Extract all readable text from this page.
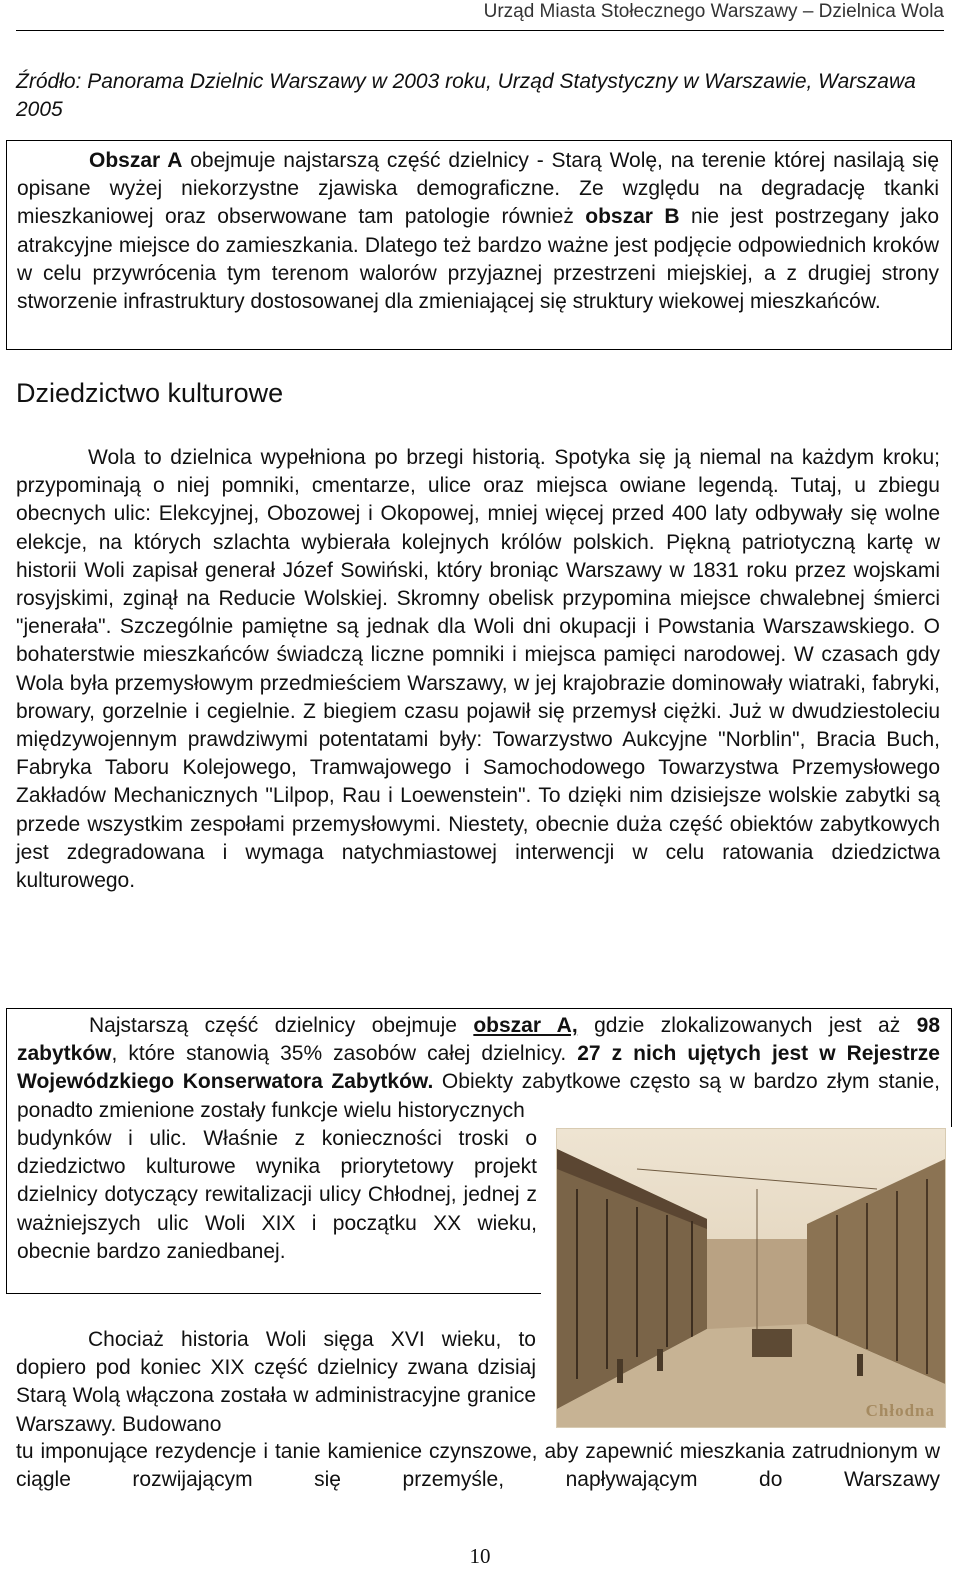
Urząd Miasta Stołecznego Warszawy – Dzielnica Wola

Źródło: Panorama Dzielnic Warszawy w 2003 roku, Urząd Statystyczny w Warszawie, Warszawa 2005

Obszar A obejmuje najstarszą część dzielnicy - Starą Wolę, na terenie której nasilają się opisane wyżej niekorzystne zjawiska demograficzne. Ze względu na degradację tkanki mieszkaniowej oraz obserwowane tam patologie również obszar B nie jest postrzegany jako atrakcyjne miejsce do zamieszkania. Dlatego też bardzo ważne jest podjęcie odpowiednich kroków w celu przywrócenia tym terenom walorów przyjaznej przestrzeni miejskiej, a z drugiej strony stworzenie infrastruktury dostosowanej dla zmieniającej się struktury wiekowej mieszkańców.

Dziedzictwo kulturowe

Wola to dzielnica wypełniona po brzegi historią. Spotyka się ją niemal na każdym kroku; przypominają o niej pomniki, cmentarze, ulice oraz miejsca owiane legendą. Tutaj, u zbiegu obecnych ulic: Elekcyjnej, Obozowej i Okopowej, mniej więcej przed 400 laty odbywały się wolne elekcje, na których szlachta wybierała kolejnych królów polskich. Piękną patriotyczną kartę w historii Woli zapisał generał Józef Sowiński, który broniąc Warszawy w 1831 roku przez wojskami rosyjskimi, zginął na Reducie Wolskiej. Skromny obelisk przypomina miejsce chwalebnej śmierci "jenerała". Szczególnie pamiętne są jednak dla Woli dni okupacji i Powstania Warszawskiego. O bohaterstwie mieszkańców świadczą liczne pomniki i miejsca pamięci narodowej. W czasach gdy Wola była przemysłowym przedmieściem Warszawy, w jej krajobrazie dominowały wiatraki, fabryki, browary, gorzelnie i cegielnie. Z biegiem czasu pojawił się przemysł ciężki. Już w dwudziestoleciu międzywojennym prawdziwymi potentatami były: Towarzystwo Aukcyjne "Norblin", Bracia Buch, Fabryka Taboru Kolejowego, Tramwajowego i Samochodowego Towarzystwa Przemysłowego Zakładów Mechanicznych "Lilpop, Rau i Loewenstein". To dzięki nim dzisiejsze wolskie zabytki są przede wszystkim zespołami przemysłowymi. Niestety, obecnie duża część obiektów zabytkowych jest zdegradowana i wymaga natychmiastowej interwencji w celu ratowania dziedzictwa kulturowego.

Najstarszą część dzielnicy obejmuje obszar A, gdzie zlokalizowanych jest aż 98 zabytków, które stanowią 35% zasobów całej dzielnicy. 27 z nich ujętych jest w Rejestrze Wojewódzkiego Konserwatora Zabytków. Obiekty zabytkowe często są w bardzo złym stanie, ponadto zmienione zostały funkcje wielu historycznych

budynków i ulic. Właśnie z konieczności troski o dziedzictwo kulturowe wynika priorytetowy projekt dzielnicy dotyczący rewitalizacji ulicy Chłodnej, jednej z ważniejszych ulic Woli XIX i początku XX wieku, obecnie bardzo zaniedbanej.

Chłodna

Chociaż historia Woli sięga XVI wieku, to dopiero pod koniec XIX część dzielnicy zwana dzisiaj Starą Wolą włączona została w administracyjne granice Warszawy. Budowano

tu imponujące rezydencje i tanie kamienice czynszowe, aby zapewnić mieszkania zatrudnionym w ciągle rozwijającym się przemyśle, napływającym do Warszawy

10
